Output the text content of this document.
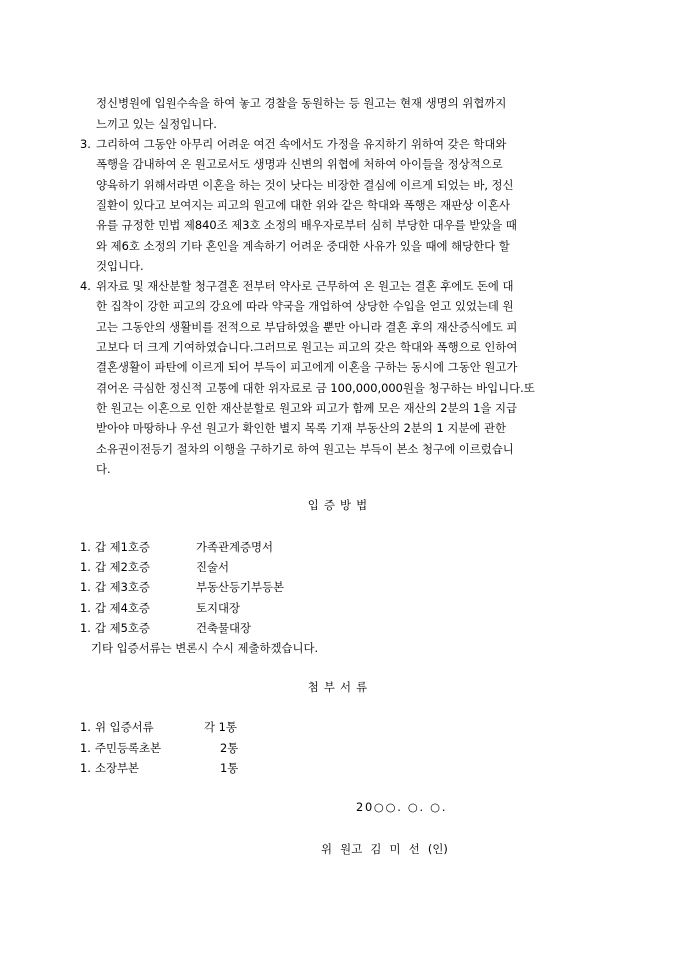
정신병원에 입원수속을 하여 놓고 경찰을 동원하는 등 원고는 현재 생명의 위협까지
느끼고 있는 실정입니다.
3. 그리하여 그동안 아무리 어려운 여건 속에서도 가정을 유지하기 위하여 갖은 학대와
폭행을 감내하여 온 원고로서도 생명과 신변의 위협에 처하여 아이들을 정상적으로
양육하기 위해서라면 이혼을 하는 것이 낫다는 비장한 결심에 이르게 되었는 바, 정신
질환이 있다고 보여지는 피고의 원고에 대한 위와 같은 학대와 폭행은 재판상 이혼사
유를 규정한 민법 제840조 제3호 소정의 배우자로부터 심히 부당한 대우를 받았을 때
와 제6호 소정의 기타 혼인을 계속하기 어려운 중대한 사유가 있을 때에 해당한다 할
것입니다.
4. 위자료 및 재산분할 청구결혼 전부터 약사로 근무하여 온 원고는 결혼 후에도 돈에 대
한 집착이 강한 피고의 강요에 따라 약국을 개업하여 상당한 수입을 얻고 있었는데 원
고는 그동안의 생활비를 전적으로 부담하였을 뿐만 아니라 결혼 후의 재산증식에도 피
고보다 더 크게 기여하였습니다.그러므로 원고는 피고의 갖은 학대와 폭행으로 인하여
결혼생활이 파탄에 이르게 되어 부득이 피고에게 이혼을 구하는 동시에 그동안 원고가
겪어온 극심한 정신적 고통에 대한 위자료로 금 100,000,000원을 청구하는 바입니다.또
한 원고는 이혼으로 인한 재산분할로 원고와 피고가 함께 모은 재산의 2분의 1을 지급
받아야 마땅하나 우선 원고가 확인한 별지 목록 기재 부동산의 2분의 1 지분에 관한
소유권이전등기 절차의 이행을 구하기로 하여 원고는 부득이 본소 청구에 이르렀습니
다.
입증방법
1. 갑 제1호증	가족관계증명서
1. 갑 제2호증	진술서
1. 갑 제3호증	부동산등기부등본
1. 갑 제4호증	토지대장
1. 갑 제5호증	건축물대장
기타 입증서류는 변론시 수시 제출하겠습니다.
첨부서류
1. 위 입증서류	각 1통
1. 주민등록초본	2통
1. 소장부본	1통
20○○. ○. ○.
위 원고 김 미 선 (인)
